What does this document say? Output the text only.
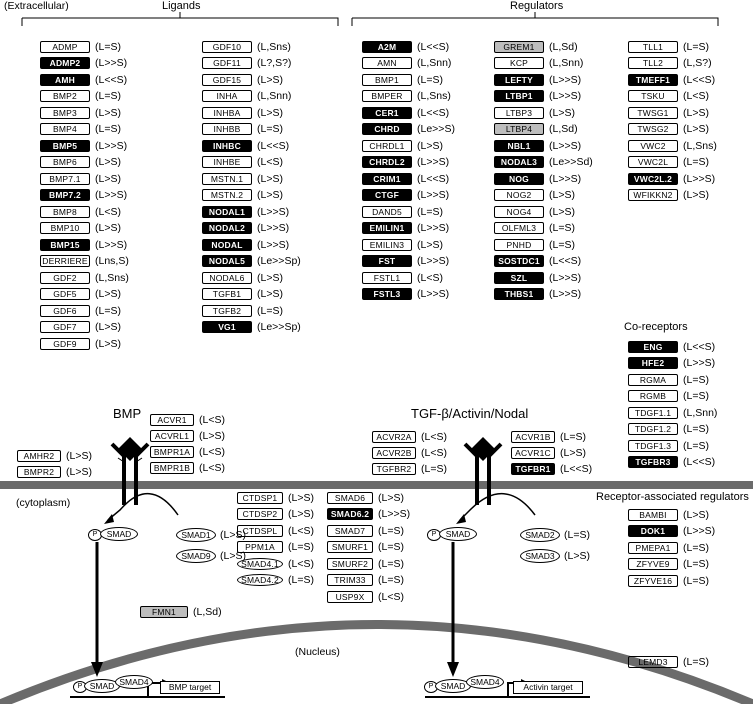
(Extracellular)	Ligands	Regulators
Co-receptors
BMP	TGF-β/Activin/Nodal
(cytoplasm)	Receptor-associated regulators
(Nucleus)
ADMP	(L=S)
ADMP2	(L>>S)
AMH	(L<<S)
BMP2	(L=S)
BMP3	(L>S)
BMP4	(L=S)
BMP5	(L>>S)
BMP6	(L>S)
BMP7.1	(L>S)
BMP7.2	(L>>S)
BMP8	(L<S)
BMP10	(L>S)
BMP15	(L>>S)
DERRIERE (Lns,S)
GDF2	(L,Sns)
GDF5	(L>S)
GDF6	(L=S)
GDF7	(L>S)
GDF9	(L>S)
GDF10	(L,Sns)
GDF11	(L?,S?)
GDF15	(L>S)
INHA	(L,Snn)
INHBA	(L>S)
INHBB	(L=S)
INHBC	(L<<S)
INHBE	(L<S)
MSTN.1	(L>S)
MSTN.2	(L>S)
NODAL1	(L>>S)
NODAL2	(L>>S)
NODAL	(L>>S)
NODAL5	(Le>>Sp)
NODAL6	(L>S)
TGFB1	(L>S)
TGFB2	(L=S)
VG1	(Le>>Sp)
A2M	(L<<S)
AMN	(L,Snn)
BMP1	(L=S)
BMPER	(L,Sns)
CER1	(L<<S)
CHRD	(Le>>S)
CHRDL1	(L>S)
CHRDL2	(L>>S)
CRIM1	(L<<S)
CTGF	(L>>S)
DAND5	(L=S)
EMILIN1	(L>>S)
EMILIN3	(L>S)
FST	(L>>S)
FSTL1	(L<S)
FSTL3	(L>>S)
GREM1	(L,Sd)
KCP	(L,Snn)
LEFTY	(L>>S)
LTBP1	(L>>S)
LTBP3	(L>S)
LTBP4	(L,Sd)
NBL1	(L>>S)
NODAL3	(Le>>Sd)
NOG	(L>>S)
NOG2	(L>S)
NOG4	(L>S)
OLFML3	(L=S)
PNHD	(L=S)
SOSTDC1 (L<<S)
SZL	(L>>S)
THBS1	(L>>S)
TLL1	(L=S)
TLL2	(L,S?)
TMEFF1	(L<<S)
TSKU	(L<S)
TWSG1	(L>S)
TWSG2	(L>S)
VWC2	(L,Sns)
VWC2L	(L=S)
VWC2L.2	(L>>S)
WFIKKN2 (L>S)
ENG	(L<<S)
HFE2	(L>>S)
RGMA	(L=S)
RGMB	(L=S)
TDGF1.1	(L,Snn)
TDGF1.2	(L=S)
TDGF1.3	(L=S)
TGFBR3	(L<<S)
ACVR1	(L<S)
ACVRL1 (L>S)
BMPR1A (L<S)
BMPR1B (L<S)
AMHR2	(L>S)
BMPR2	(L>S)
ACVR2A (L<S)
ACVR2B (L<S)
TGFBR2 (L=S)
ACVR1B (L=S)
ACVR1C (L>S)
TGFBR1 (L<<S)
CTDSP1	(L>S)
CTDSP2	(L>S)
CTDSPL	(L<S)
PPM1A	(L=S)
SMAD4.1 (L<S)
SMAD4.2 (L=S)
SMAD6	(L>S)
SMAD6.2 (L>>S)
SMAD7	(L=S)
SMURF1 (L=S)
SMURF2 (L=S)
TRIM33	(L=S)
USP9X	(L<S)
BAMBI	(L>S)
DOK1	(L>>S)
PMEPA1	(L=S)
ZFYVE9	(L=S)
ZFYVE16	(L=S)
FMN1	(L,Sd)
LEMD3	(L=S)
SMAD1 (L>S)
SMAD9 (L>S)
SMAD2 (L=S)
SMAD3 (L>S)
P	SMAD	P	SMAD
P SMAD SMAD4	BMP target	P SMAD SMAD4	Activin target
